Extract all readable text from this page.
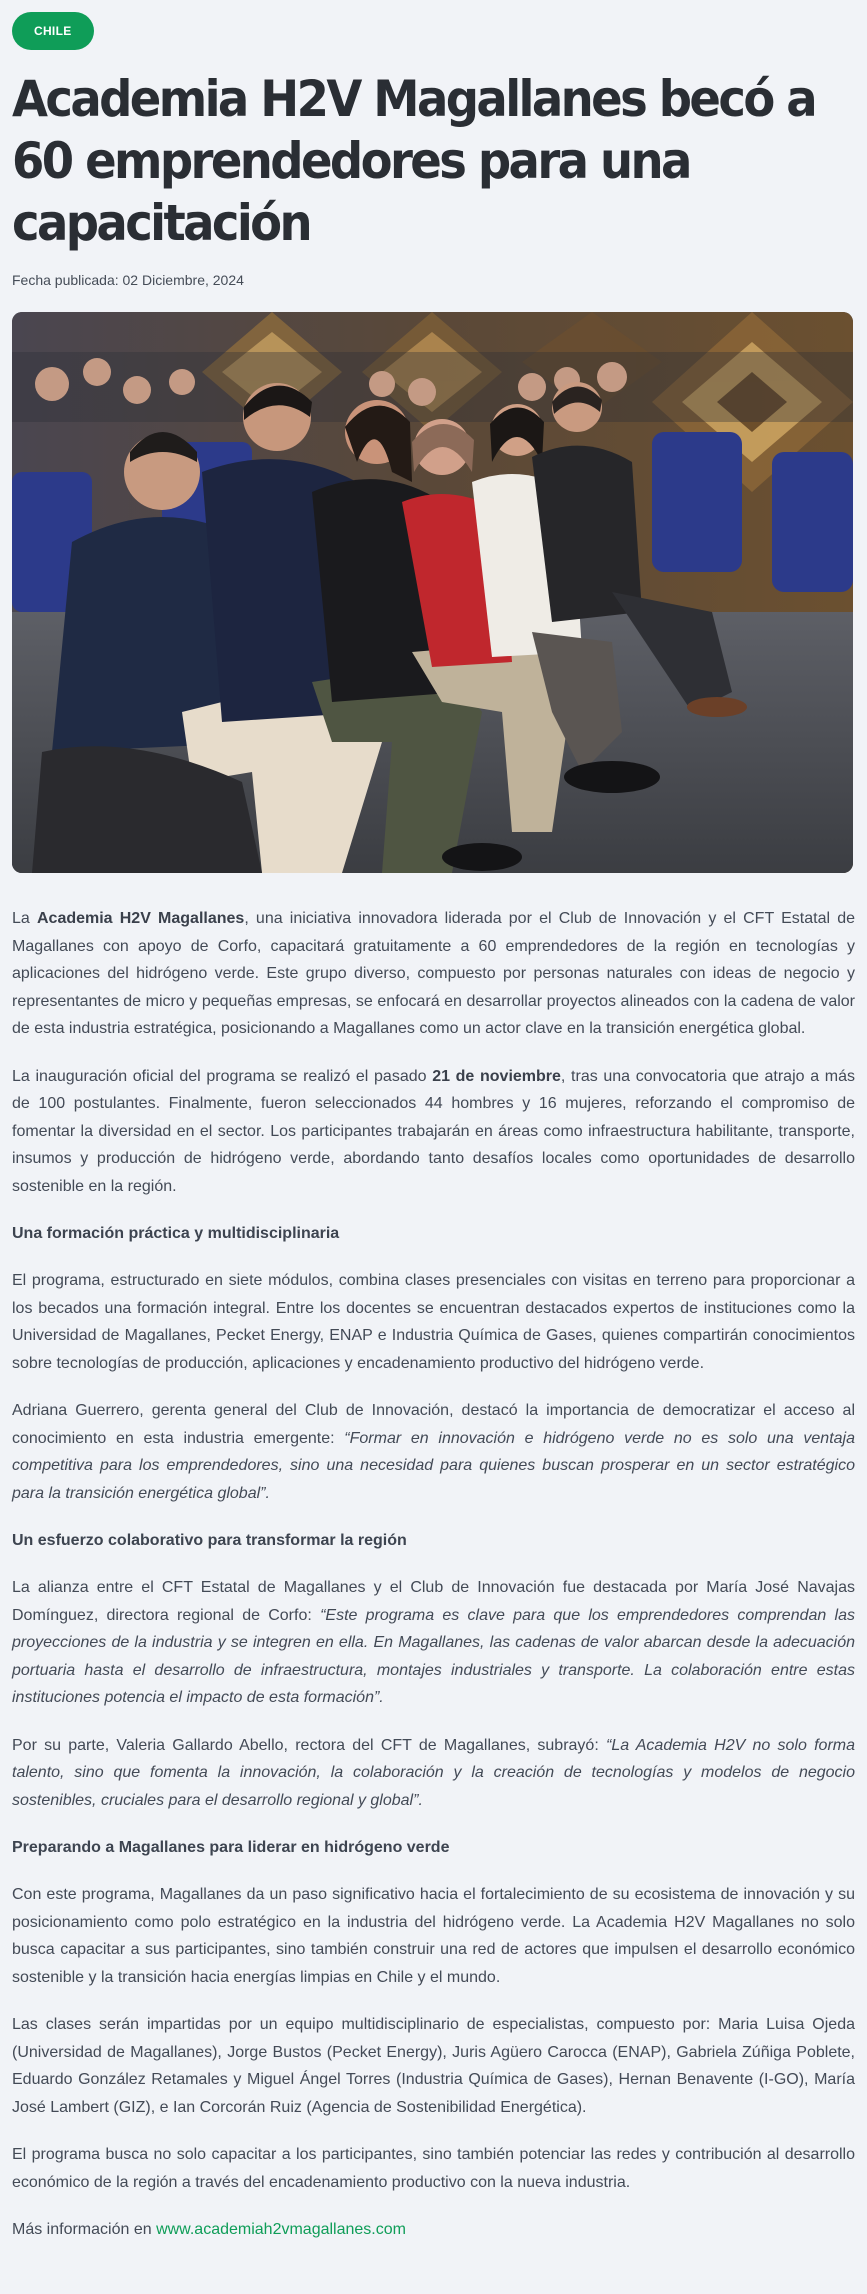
CHILE
Academia H2V Magallanes becó a 60 emprendedores para una capacitación
Fecha publicada: 02 Diciembre, 2024

La Academia H2V Magallanes, una iniciativa innovadora liderada por el Club de Innovación y el CFT Estatal de Magallanes con apoyo de Corfo, capacitará gratuitamente a 60 emprendedores de la región en tecnologías y aplicaciones del hidrógeno verde. Este grupo diverso, compuesto por personas naturales con ideas de negocio y representantes de micro y pequeñas empresas, se enfocará en desarrollar proyectos alineados con la cadena de valor de esta industria estratégica, posicionando a Magallanes como un actor clave en la transición energética global.

La inauguración oficial del programa se realizó el pasado 21 de noviembre, tras una convocatoria que atrajo a más de 100 postulantes. Finalmente, fueron seleccionados 44 hombres y 16 mujeres, reforzando el compromiso de fomentar la diversidad en el sector. Los participantes trabajarán en áreas como infraestructura habilitante, transporte, insumos y producción de hidrógeno verde, abordando tanto desafíos locales como oportunidades de desarrollo sostenible en la región.

Una formación práctica y multidisciplinaria

El programa, estructurado en siete módulos, combina clases presenciales con visitas en terreno para proporcionar a los becados una formación integral. Entre los docentes se encuentran destacados expertos de instituciones como la Universidad de Magallanes, Pecket Energy, ENAP e Industria Química de Gases, quienes compartirán conocimientos sobre tecnologías de producción, aplicaciones y encadenamiento productivo del hidrógeno verde.

Adriana Guerrero, gerenta general del Club de Innovación, destacó la importancia de democratizar el acceso al conocimiento en esta industria emergente: “Formar en innovación e hidrógeno verde no es solo una ventaja competitiva para los emprendedores, sino una necesidad para quienes buscan prosperar en un sector estratégico para la transición energética global”.

Un esfuerzo colaborativo para transformar la región

La alianza entre el CFT Estatal de Magallanes y el Club de Innovación fue destacada por María José Navajas Domínguez, directora regional de Corfo: “Este programa es clave para que los emprendedores comprendan las proyecciones de la industria y se integren en ella. En Magallanes, las cadenas de valor abarcan desde la adecuación portuaria hasta el desarrollo de infraestructura, montajes industriales y transporte. La colaboración entre estas instituciones potencia el impacto de esta formación”.

Por su parte, Valeria Gallardo Abello, rectora del CFT de Magallanes, subrayó: “La Academia H2V no solo forma talento, sino que fomenta la innovación, la colaboración y la creación de tecnologías y modelos de negocio sostenibles, cruciales para el desarrollo regional y global”.

Preparando a Magallanes para liderar en hidrógeno verde

Con este programa, Magallanes da un paso significativo hacia el fortalecimiento de su ecosistema de innovación y su posicionamiento como polo estratégico en la industria del hidrógeno verde. La Academia H2V Magallanes no solo busca capacitar a sus participantes, sino también construir una red de actores que impulsen el desarrollo económico sostenible y la transición hacia energías limpias en Chile y el mundo.

Las clases serán impartidas por un equipo multidisciplinario de especialistas, compuesto por: Maria Luisa Ojeda (Universidad de Magallanes), Jorge Bustos (Pecket Energy), Juris Agüero Carocca (ENAP), Gabriela Zúñiga Poblete, Eduardo González Retamales y Miguel Ángel Torres (Industria Química de Gases), Hernan Benavente (I-GO), María José Lambert (GIZ), e Ian Corcorán Ruiz (Agencia de Sostenibilidad Energética).

El programa busca no solo capacitar a los participantes, sino también potenciar las redes y contribución al desarrollo económico de la región a través del encadenamiento productivo con la nueva industria.

Más información en www.academiah2vmagallanes.com
